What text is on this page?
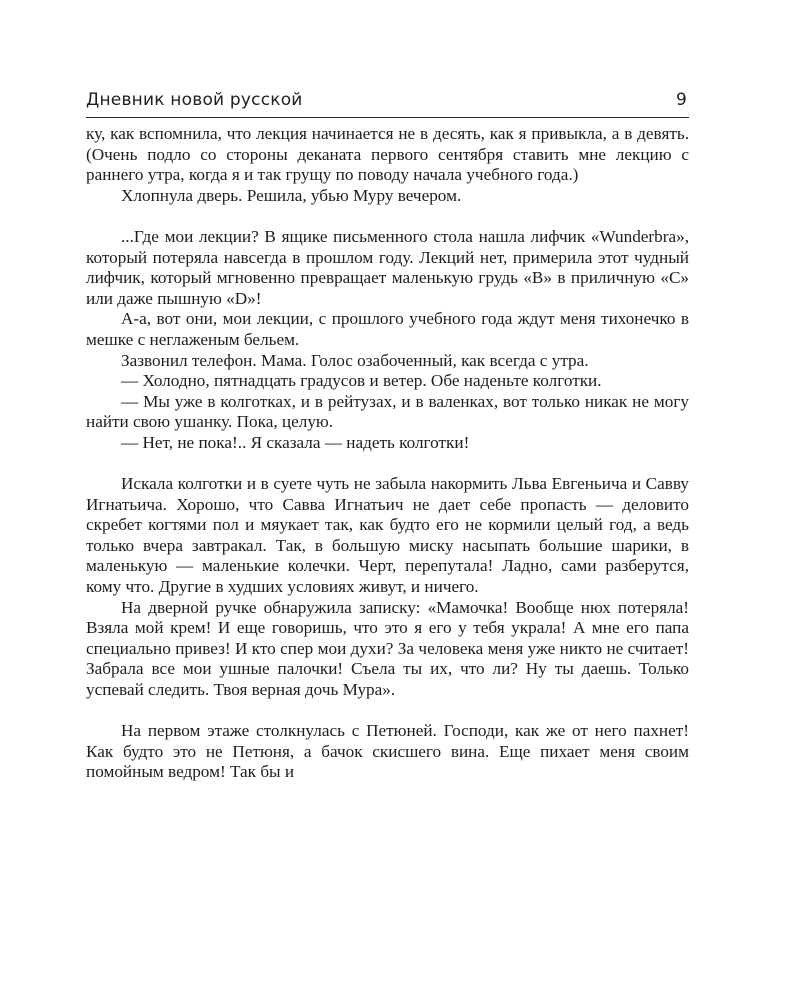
Дневник новой русской	9

ку, как вспомнила, что лекция начинается не в десять, как я привыкла, а в девять. (Очень подло со стороны деканата первого сентября ставить мне лекцию с раннего утра, когда я и так грущу по поводу начала учебного года.)

Хлопнула дверь. Решила, убью Муру вечером.

...Где мои лекции? В ящике письменного стола нашла лифчик «Wunderbra», который потеряла навсегда в прошлом году. Лекций нет, примерила этот чудный лифчик, который мгновенно превращает маленькую грудь «В» в приличную «С» или даже пышную «D»!

А-а, вот они, мои лекции, с прошлого учебного года ждут меня тихонечко в мешке с неглаженым бельем.

Зазвонил телефон. Мама. Голос озабоченный, как всегда с утра.

— Холодно, пятнадцать градусов и ветер. Обе наденьте колготки.

— Мы уже в колготках, и в рейтузах, и в валенках, вот только никак не могу найти свою ушанку. Пока, целую.

— Нет, не пока!.. Я сказала — надеть колготки!

Искала колготки и в суете чуть не забыла накормить Льва Евгеньича и Савву Игнатьича. Хорошо, что Савва Игнатьич не дает себе пропасть — деловито скребет когтями пол и мяукает так, как будто его не кормили целый год, а ведь только вчера завтракал. Так, в большую миску насыпать большие шарики, в маленькую — маленькие колечки. Черт, перепутала! Ладно, сами разберутся, кому что. Другие в худших условиях живут, и ничего.

На дверной ручке обнаружила записку: «Мамочка! Вообще нюх потеряла! Взяла мой крем! И еще говоришь, что это я его у тебя украла! А мне его папа специально привез! И кто спер мои духи? За человека меня уже никто не считает! Забрала все мои ушные палочки! Съела ты их, что ли? Ну ты даешь. Только успевай следить. Твоя верная дочь Мура».

На первом этаже столкнулась с Петюней. Господи, как же от него пахнет! Как будто это не Петюня, а бачок скисшего вина. Еще пихает меня своим помойным ведром! Так бы и
